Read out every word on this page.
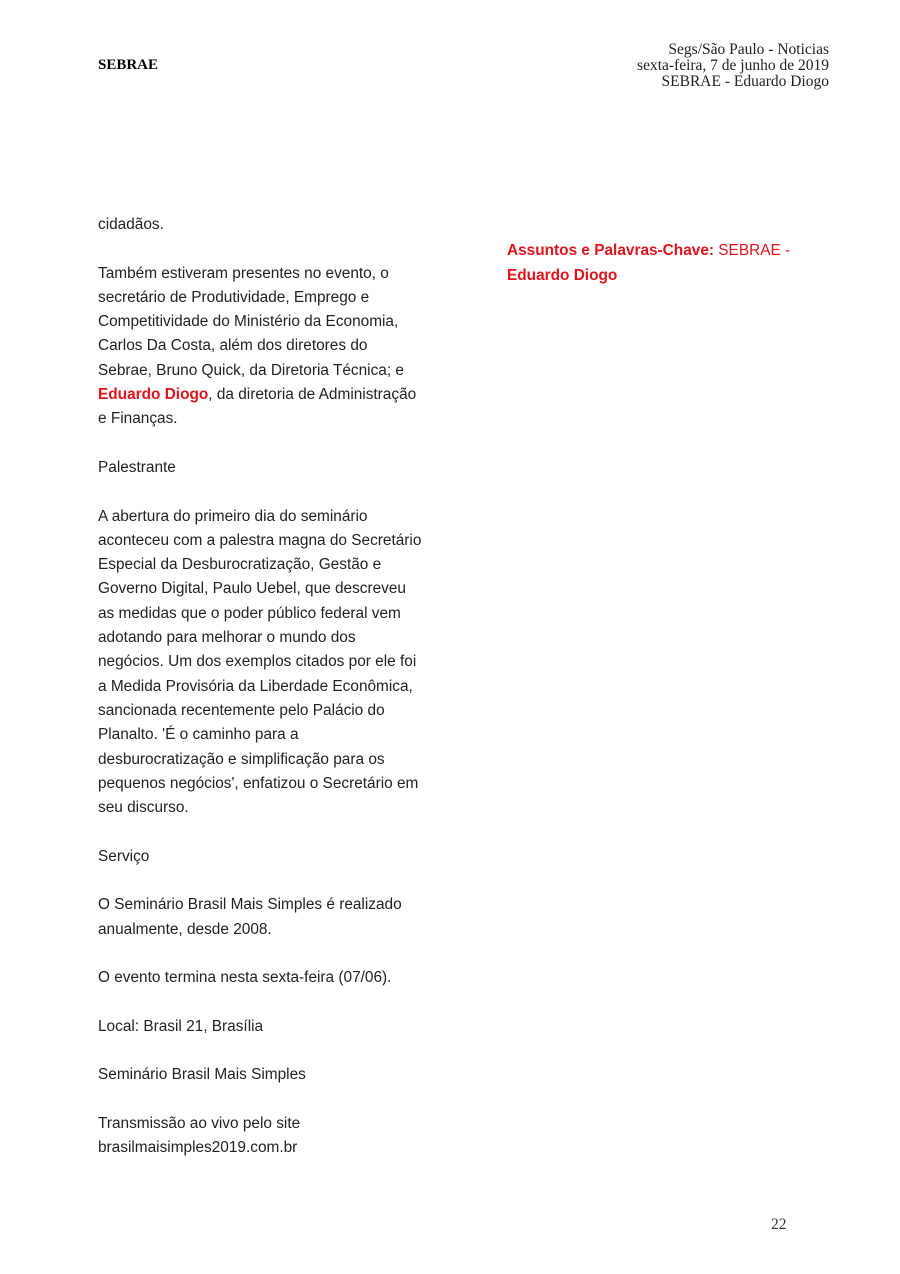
SEBRAE
Segs/São Paulo - Noticias
sexta-feira, 7 de junho de 2019
SEBRAE - Eduardo Diogo

cidadãos.

Também estiveram presentes no evento, o
secretário de Produtividade, Emprego e
Competitividade do Ministério da Economia,
Carlos Da Costa, além dos diretores do
Sebrae, Bruno Quick, da Diretoria Técnica; e
Eduardo Diogo, da diretoria de Administração
e Finanças.

Palestrante

A abertura do primeiro dia do seminário
aconteceu com a palestra magna do Secretário
Especial da Desburocratização, Gestão e
Governo Digital, Paulo Uebel, que descreveu
as medidas que o poder público federal vem
adotando para melhorar o mundo dos
negócios. Um dos exemplos citados por ele foi
a Medida Provisória da Liberdade Econômica,
sancionada recentemente pelo Palácio do
Planalto. 'É o caminho para a
desburocratização e simplificação para os
pequenos negócios', enfatizou o Secretário em
seu discurso.

Serviço

O Seminário Brasil Mais Simples é realizado
anualmente, desde 2008.

O evento termina nesta sexta-feira (07/06).

Local: Brasil 21, Brasília

Seminário Brasil Mais Simples

Transmissão ao vivo pelo site
brasilmaisimples2019.com.br

Assuntos e Palavras-Chave: SEBRAE -
Eduardo Diogo
22
